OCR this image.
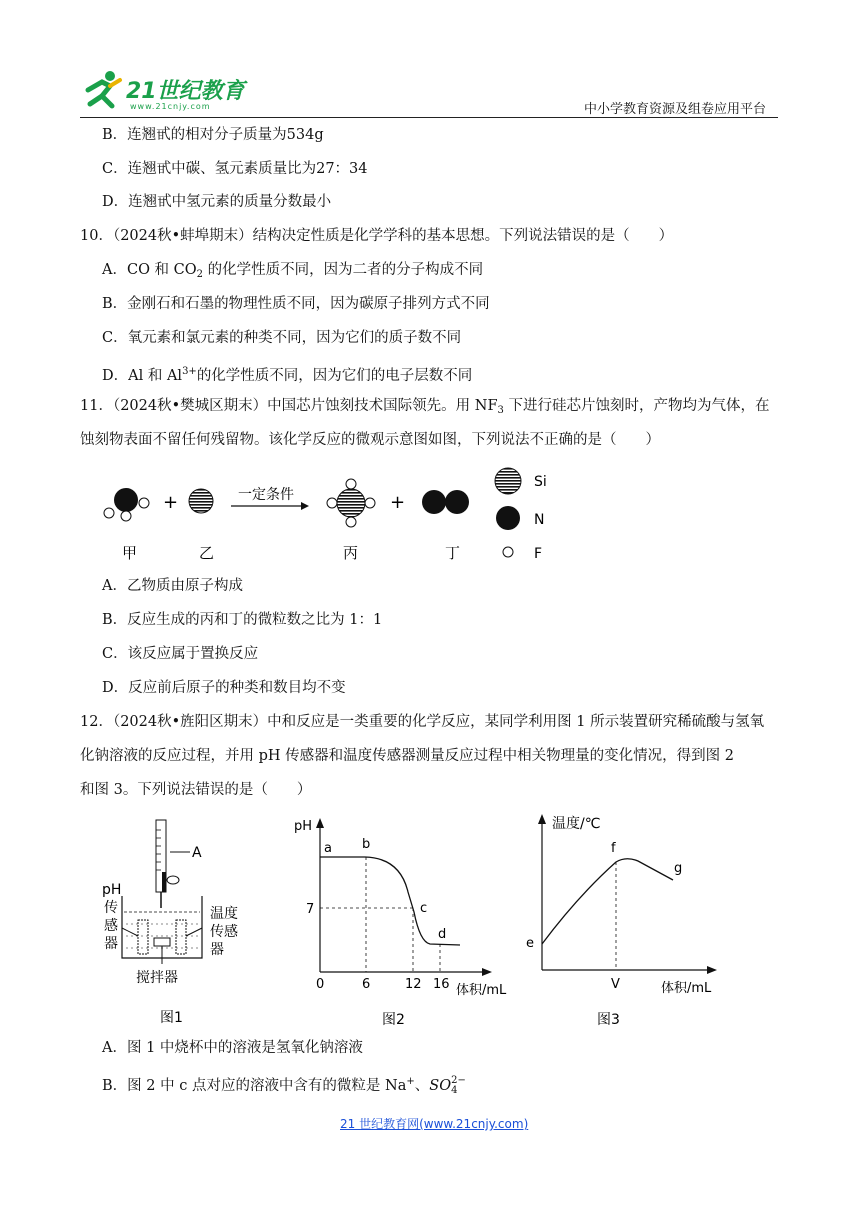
21世纪教育
www.21cnjy.com	中小学教育资源及组卷应用平台
B．连翘甙的相对分子质量为534g
C．连翘甙中碳、氢元素质量比为27：34
D．连翘甙中氢元素的质量分数最小
10．（2024秋•蚌埠期末）结构决定性质是化学学科的基本思想。下列说法错误的是（　　）
A．CO 和 $CO_2$ 的化学性质不同，因为二者的分子构成不同
B．金刚石和石墨的物理性质不同，因为碳原子排列方式不同
C．氧元素和氯元素的种类不同，因为它们的质子数不同
D．Al 和 $Al^{3+}$的化学性质不同，因为它们的电子层数不同
11．（2024秋•樊城区期末）中国芯片蚀刻技术国际领先。用 $NF_3$ 下进行硅芯片蚀刻时，产物均为气体，在
蚀刻物表面不留任何残留物。该化学反应的微观示意图如图，下列说法不正确的是（　　）
+	一定条件	+
Si
N
F
甲	乙	丙	丁
A．乙物质由原子构成
B．反应生成的丙和丁的微粒数之比为 1：1
C．该反应属于置换反应
D．反应前后原子的种类和数目均不变
12．（2024秋•旌阳区期末）中和反应是一类重要的化学反应，某同学利用图 1 所示装置研究稀硫酸与氢氧
化钠溶液的反应过程，并用 pH 传感器和温度传感器测量反应过程中相关物理量的变化情况，得到图 2
和图 3。下列说法错误的是（　　）
A
pH
传
感
器
温度
传感
器
搅拌器
图1
pH
a b
c
d
7
0	6	12 16 体积/mL
图2
温度/℃
e
f
g
V	体积/mL
图3
A．图 1 中烧杯中的溶液是氢氧化钠溶液
B．图 2 中 c 点对应的溶液中含有的微粒是 Na+、SO 2−
4
21 世纪教育网(www.21cnjy.com)
